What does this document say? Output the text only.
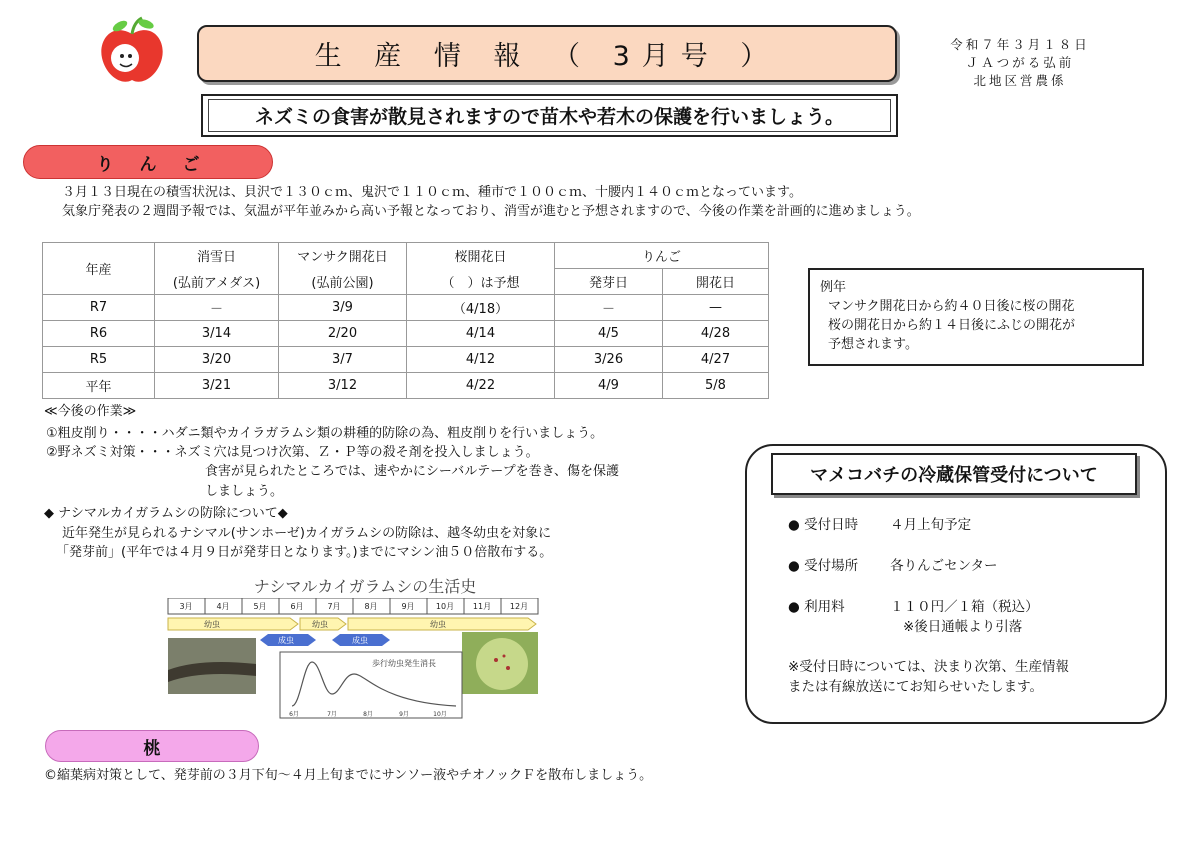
生 産 情 報 （ 3月号 ）	令和７年３月１８日
ＪＡつがる弘前
北地区営農係
ネズミの食害が散見されますので苗木や若木の保護を行いましょう。
りんご
３月１３日現在の積雪状況は、貝沢で１３０ｃｍ、鬼沢で１１０ｃｍ、種市で１００ｃｍ、十腰内１４０ｃｍとなっています。
気象庁発表の２週間予報では、気温が平年並みから高い予報となっており、消雪が進むと予想されますので、今後の作業を計画的に進めましょう。
年産	消雪日	マンサク開花日	桜開花日	りんご	
	(弘前アメダス)	(弘前公園)	（　）は予想	発芽日	開花日
R7	－	3/9	（4/18）	－	—
R6	3/14	2/20	4/14	4/5	4/28
R5	3/20	3/7	4/12	3/26	4/27
平年	3/21	3/12	4/22	4/9	5/8
例年
マンサク開花日から約４０日後に桜の開花
桜の開花日から約１４日後にふじの開花が
予想されます。
≪今後の作業≫
①粗皮削り・・・・ハダニ類やカイラガラムシ類の耕種的防除の為、粗皮削りを行いましょう。
②野ネズミ対策・・・ネズミ穴は見つけ次第、Ｚ・Ｐ等の殺そ剤を投入しましょう。
食害が見られたところでは、速やかにシーバルテープを巻き、傷を保護
しましょう。
◆ ナシマルカイガラムシの防除について◆
近年発生が見られるナシマル(サンホーゼ)カイガラムシの防除は、越冬幼虫を対象に
「発芽前」(平年では４月９日が発芽日となります。)までにマシン油５０倍散布する。
ナシマルカイガラムシの生活史
3月	4月	5月	6月	7月	8月	9月	10月 11月 12月
幼虫	幼虫	幼虫
成虫	成虫
歩行幼虫発生消長
6月	7月	8月	9月	10月
マメコバチの冷蔵保管受付について
● 受付日時 ４月上旬予定
● 受付場所 各りんごセンター
● 利用料	１１０円／１箱（税込）
※後日通帳より引落
※受付日時については、決まり次第、生産情報
または有線放送にてお知らせいたします。
桃
©縮葉病対策として、発芽前の３月下旬～４月上旬までにサンソー液やチオノックＦを散布しましょう。
